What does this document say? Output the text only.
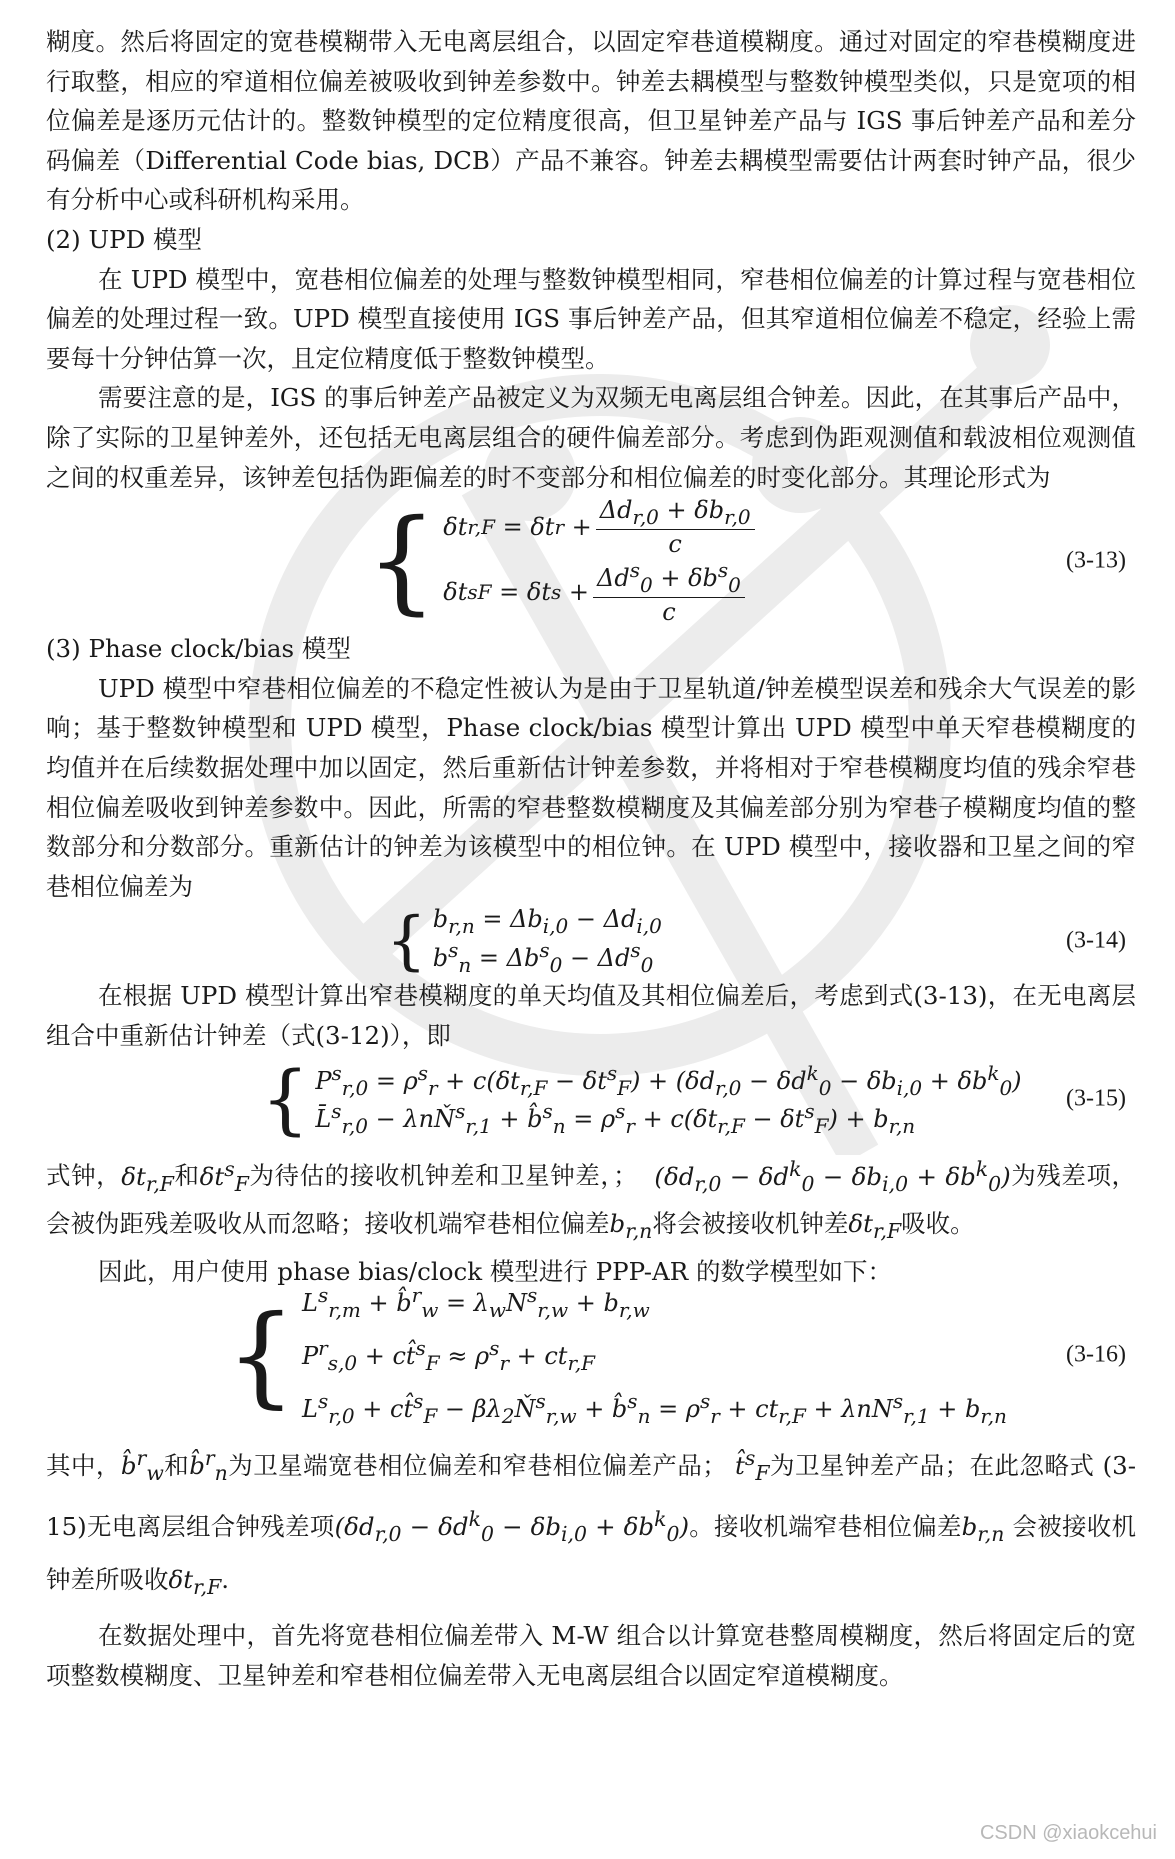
糊度。然后将固定的宽巷模糊带入无电离层组合，以固定窄巷道模糊度。通过对固定的窄巷模糊度进行取整，相应的窄道相位偏差被吸收到钟差参数中。钟差去耦模型与整数钟模型类似，只是宽项的相位偏差是逐历元估计的。整数钟模型的定位精度很高，但卫星钟差产品与 IGS 事后钟差产品和差分码偏差（Differential Code bias, DCB）产品不兼容。钟差去耦模型需要估计两套时钟产品，很少有分析中心或科研机构采用。

(2) UPD 模型

在 UPD 模型中，宽巷相位偏差的处理与整数钟模型相同，窄巷相位偏差的计算过程与宽巷相位偏差的处理过程一致。UPD 模型直接使用 IGS 事后钟差产品，但其窄道相位偏差不稳定，经验上需要每十分钟估算一次，且定位精度低于整数钟模型。

需要注意的是，IGS 的事后钟差产品被定义为双频无电离层组合钟差。因此，在其事后产品中，除了实际的卫星钟差外，还包括无电离层组合的硬件偏差部分。考虑到伪距观测值和载波相位观测值之间的权重差异，该钟差包括伪距偏差的时不变部分和相位偏差的时变化部分。其理论形式为

{ δt r,F = δt $r + \frac{\Delta d_{r,0} + \delta b_{r,0}}{c}$
δt s F = δt $s + \frac{\Delta d^s_0 + \delta b^s_0}{c}$	(3-13)

(3) Phase clock/bias 模型

UPD 模型中窄巷相位偏差的不稳定性被认为是由于卫星轨道/钟差模型误差和残余大气误差的影响；基于整数钟模型和 UPD 模型，Phase clock/bias 模型计算出 UPD 模型中单天窄巷模糊度的均值并在后续数据处理中加以固定，然后重新估计钟差参数，并将相对于窄巷模糊度均值的残余窄巷相位偏差吸收到钟差参数中。因此，所需的窄巷整数模糊度及其偏差部分别为窄巷子模糊度均值的整数部分和分数部分。重新估计的钟差为该模型中的相位钟。在 UPD 模型中，接收器和卫星之间的窄巷相位偏差为

{ $b_{r,n} = \Delta b_{i,0} - \Delta d_{i,0}$
$b^s_n = \Delta b^s_0 - \Delta d^s_0$
(3-14)

在根据 UPD 模型计算出窄巷模糊度的单天均值及其相位偏差后，考虑到式(3-13)，在无电离层组合中重新估计钟差（式(3-12)），即

{ $P^s_{r,0} = \rho^s_r + c(\delta t_{r,F} - \delta t^s_F) + (\delta d_{r,0} - \delta d^k_0 - \delta b_{i,0} + \delta b^k_0)$
L̄$^s_{r,0}$ − λnŇ$^s_{r,1}$ + b̂$^s_n$ = $\rho^s_r + c(\delta t_{r,F} - \delta t^s_F) + b_{r,n}$
(3-15)

式钟，$\delta t_{r,F}$和$\delta t^s_F$为待估的接收机钟差和卫星钟差，； $(\delta d_{r,0} - \delta d^k_0 - \delta b_{i,0} + \delta b^k_0)$为残差项，会被伪距残差吸收从而忽略；接收机端窄巷相位偏差$b_{r,n}$将会被接收机钟差$\delta t_{r,F}$吸收。

因此，用户使用 phase bias/clock 模型进行 PPP-AR 的数学模型如下：

{ $L^s_{r,m}$ + b̂$^r_w$ = $\lambda_wN^s_{r,w} + b_{r,w}$
$P^r_{s,0}$ + ct̂$^s_F$ ≈ $\rho^s_r + ct_{r,F}$
$L^s_{r,0}$ + ct̂$^s_F$ − $\beta\lambda_2Ň^s_{r,w}$ + b̂$^s_n$ = $\rho^s_r + ct_{r,F} + \lambda nN^s_{r,1} + b_{r,n}$
(3-16)

其中，b̂$^r_w$和b̂$^r_n$为卫星端宽巷相位偏差和窄巷相位偏差产品； t̂$^s_F$为卫星钟差产品；在此忽略式 (3-15)无电离层组合钟残差项$(\delta d_{r,0} - \delta d^k_0 - \delta b_{i,0} + \delta b^k_0)$。接收机端窄巷相位偏差$b_{r,n}$ 会被接收机钟差所吸收$\delta t_{r,F}$.

在数据处理中，首先将宽巷相位偏差带入 M-W 组合以计算宽巷整周模糊度，然后将固定后的宽项整数模糊度、卫星钟差和窄巷相位偏差带入无电离层组合以固定窄道模糊度。

CSDN @xiaokcehui
